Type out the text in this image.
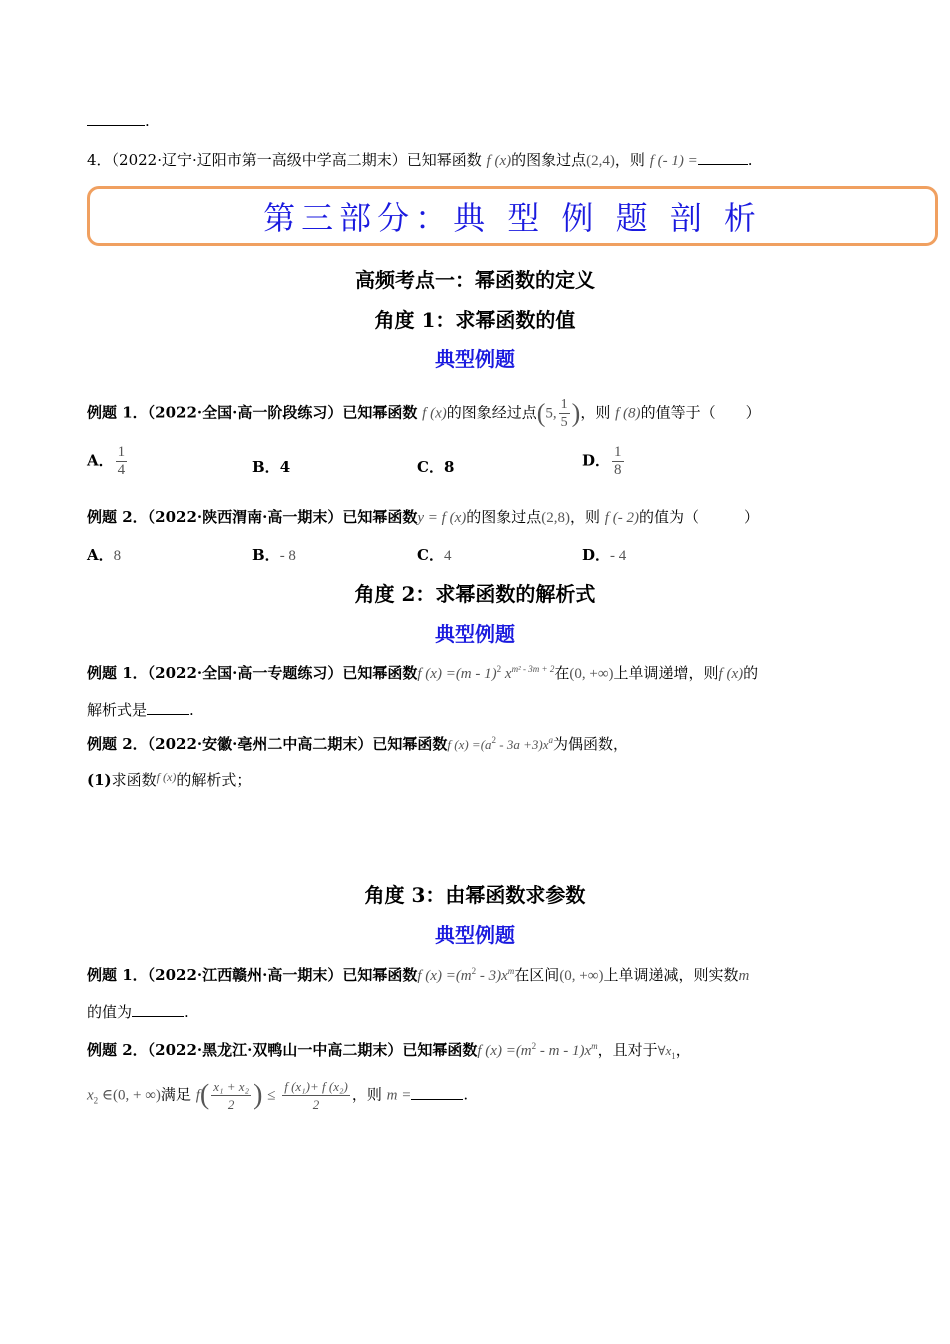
.
4．（2022·辽宁·辽阳市第一高级中学高二期末）已知幂函数 f (x)的图象过点(2,4)，则 f (- 1) =	.
第三部分：典 型 例 题 剖 析
高频考点一：幂函数的定义
角度 1：求幂函数的值
典型例题
例题 1．（2022·全国·高一阶段练习）已知幂函数 f (x)的图象经过点(5, $\frac{1}{5}$ )，则 f (8)的值等于（　　）
A． $\frac{1}{4}$	B．4	C．8	D． $\frac{1}{8}$
例题 2．（2022·陕西渭南·高一期末）已知幂函数y = f (x)的图象过点(2,8)，则 f (- 2)的值为（　　　）
A．8	B．- 8	C．4	D．- 4
角度 2：求幂函数的解析式
典型例题
例题 1．（2022·全国·高一专题练习）已知幂函数f (x) =(m - 1)$^2$ $x^{m^2 - 3m + 2}$在(0, +∞)上单调递增，则f (x)的
解析式是	.
例题 2．（2022·安徽·亳州二中高二期末）已知幂函数f $(x) =(a^2 - 3a +3)x^a$为偶函数，
(1)求函数$^{f (x)}$的解析式；
角度 3：由幂函数求参数
典型例题
例题 1．（2022·江西赣州·高一期末）已知幂函数f $(x) =(m^2 - 3)x^m$在区间(0, +∞)上单调递减，则实数m
的值为	.
例题 2．（2022·黑龙江·双鸭山一中高二期末）已知幂函数f $(x) =(m^2 - m - 1)x^m$，且对于$\forall x_1$，
$x_2$ ∈(0, + ∞)满足 $f( \frac{\text{x₁ + x₂}}{2}$ ) ≤ $\frac{\text{f (x₁)+ f (x₂)}}{2}$ ，则 m =	.
